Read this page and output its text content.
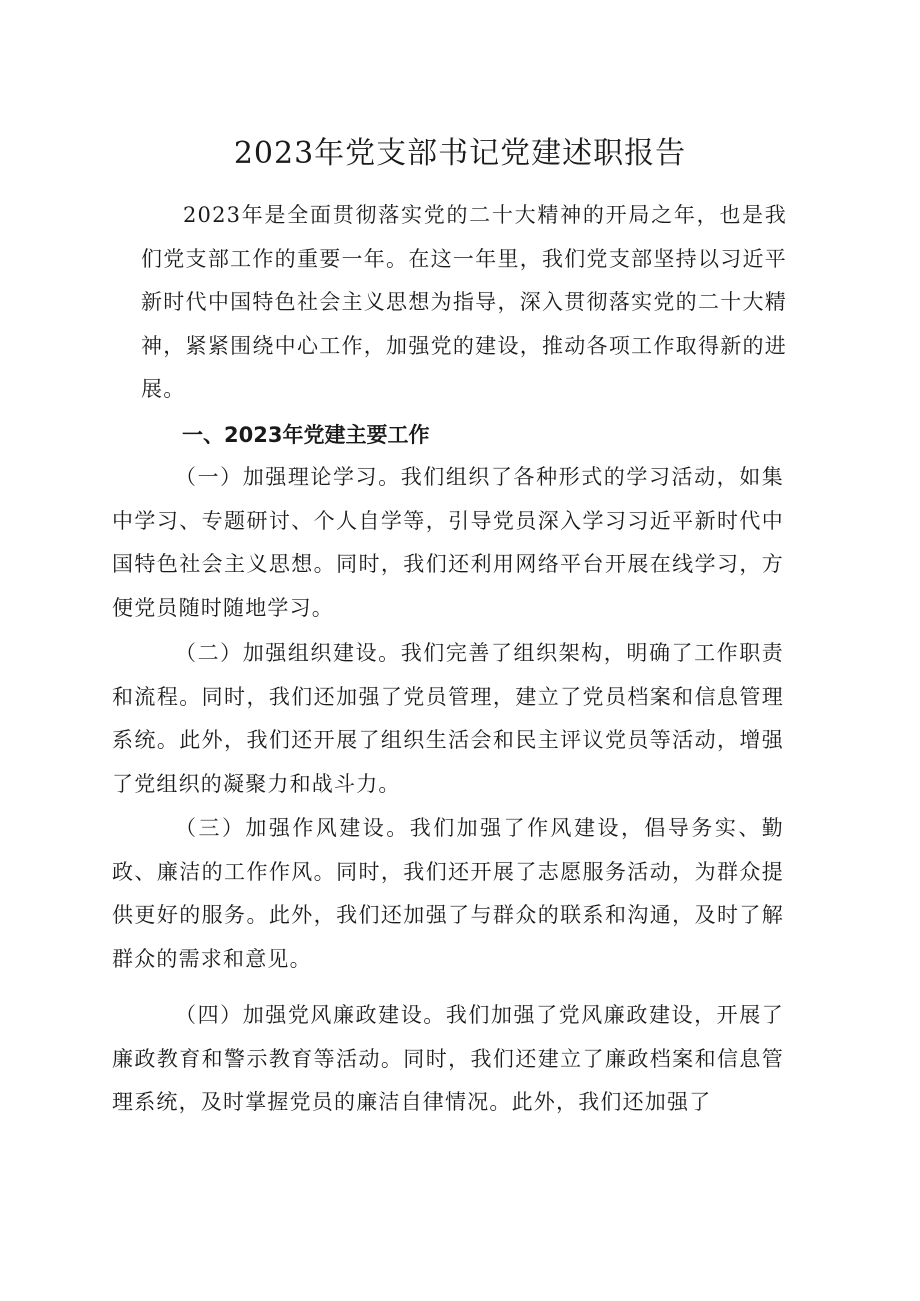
2023年党支部书记党建述职报告

2023年是全面贯彻落实党的二十大精神的开局之年，也是我们党支部工作的重要一年。在这一年里，我们党支部坚持以习近平新时代中国特色社会主义思想为指导，深入贯彻落实党的二十大精神，紧紧围绕中心工作，加强党的建设，推动各项工作取得新的进展。

一、2023年党建主要工作

（一）加强理论学习。我们组织了各种形式的学习活动，如集中学习、专题研讨、个人自学等，引导党员深入学习习近平新时代中国特色社会主义思想。同时，我们还利用网络平台开展在线学习，方便党员随时随地学习。

（二）加强组织建设。我们完善了组织架构，明确了工作职责和流程。同时，我们还加强了党员管理，建立了党员档案和信息管理系统。此外，我们还开展了组织生活会和民主评议党员等活动，增强了党组织的凝聚力和战斗力。

（三）加强作风建设。我们加强了作风建设，倡导务实、勤政、廉洁的工作作风。同时，我们还开展了志愿服务活动，为群众提供更好的服务。此外，我们还加强了与群众的联系和沟通，及时了解群众的需求和意见。

（四）加强党风廉政建设。我们加强了党风廉政建设，开展了廉政教育和警示教育等活动。同时，我们还建立了廉政档案和信息管理系统，及时掌握党员的廉洁自律情况。此外，我们还加强了
